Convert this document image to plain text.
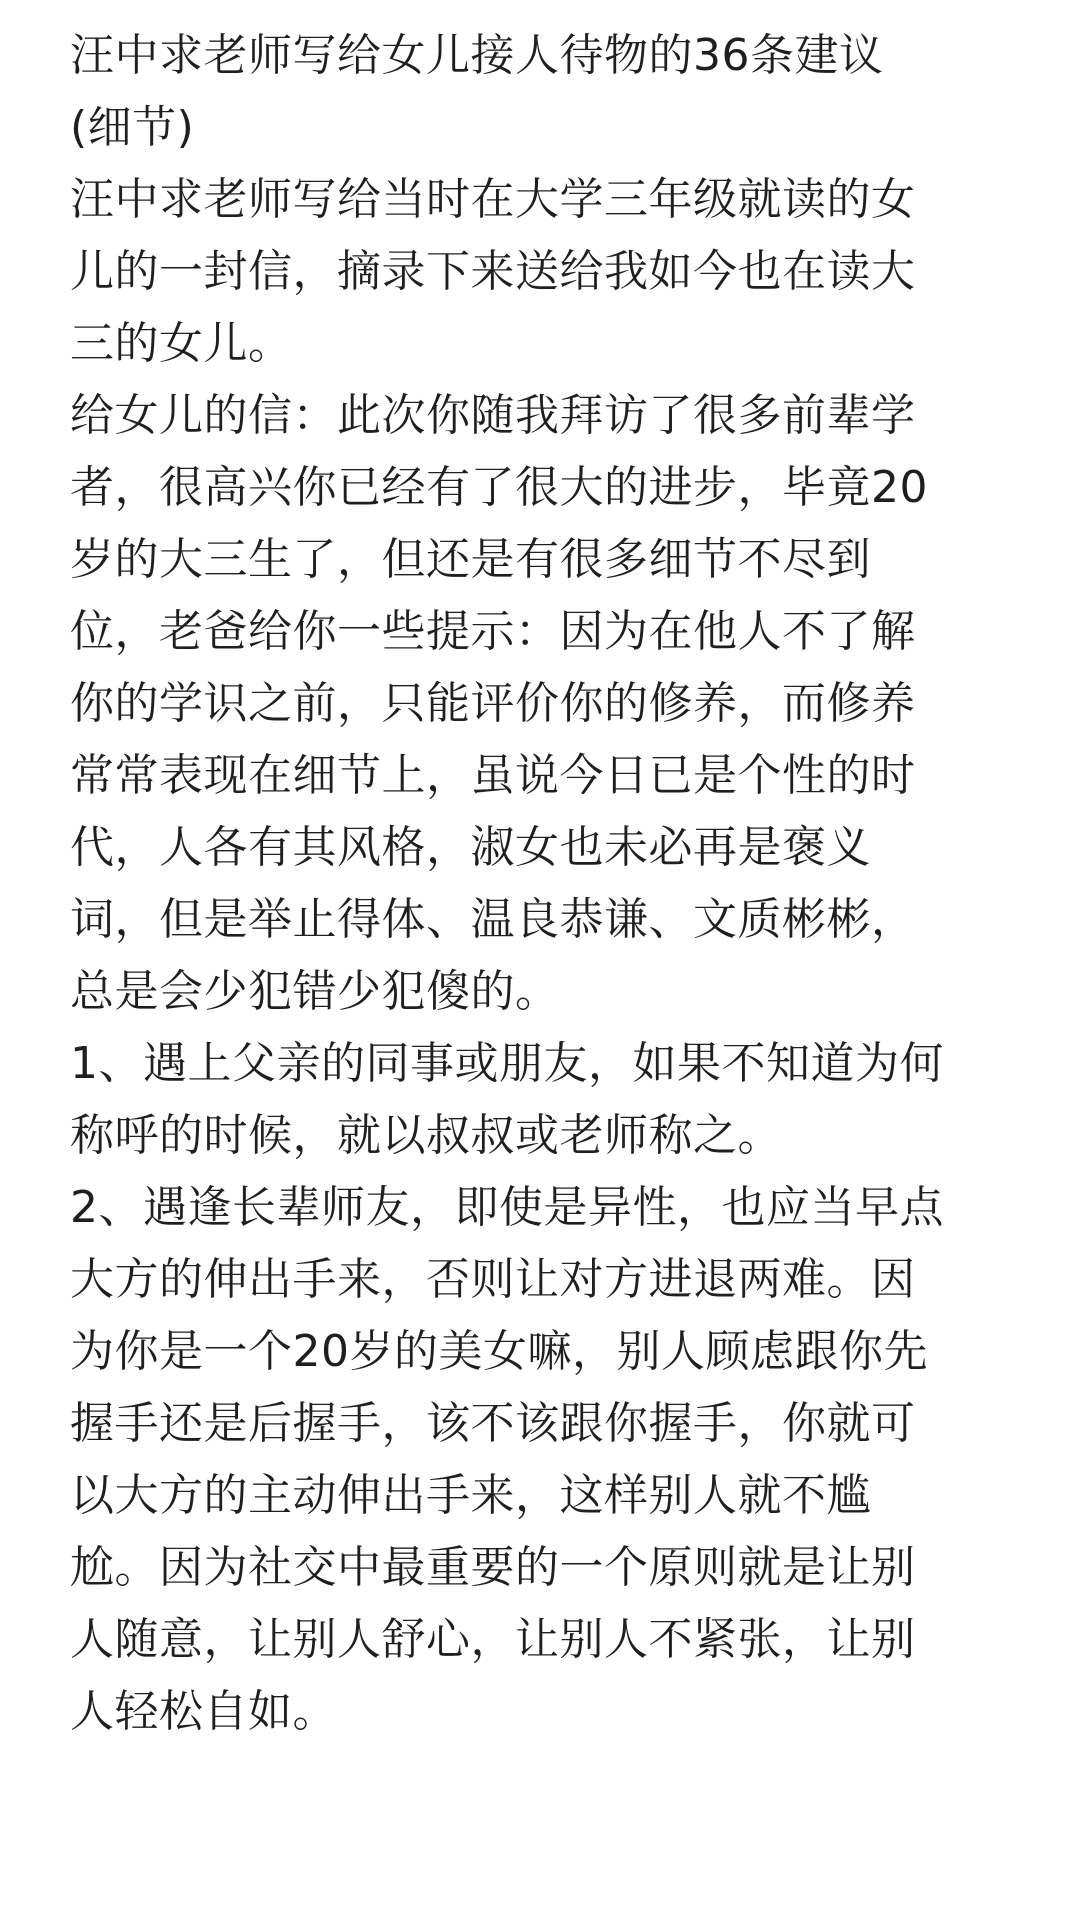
汪中求老师写给女儿接人待物的36条建议
(细节)

汪中求老师写给当时在大学三年级就读的女
儿的一封信，摘录下来送给我如今也在读大
三的女儿。

给女儿的信：此次你随我拜访了很多前辈学
者，很高兴你已经有了很大的进步，毕竟20
岁的大三生了，但还是有很多细节不尽到
位，老爸给你一些提示：因为在他人不了解
你的学识之前，只能评价你的修养，而修养
常常表现在细节上，虽说今日已是个性的时
代，人各有其风格，淑女也未必再是褒义
词，但是举止得体、温良恭谦、文质彬彬，
总是会少犯错少犯傻的。

1、遇上父亲的同事或朋友，如果不知道为何
称呼的时候，就以叔叔或老师称之。

2、遇逢长辈师友，即使是异性，也应当早点
大方的伸出手来，否则让对方进退两难。因
为你是一个20岁的美女嘛，别人顾虑跟你先
握手还是后握手，该不该跟你握手，你就可
以大方的主动伸出手来，这样别人就不尴
尬。因为社交中最重要的一个原则就是让别
人随意，让别人舒心，让别人不紧张，让别
人轻松自如。
